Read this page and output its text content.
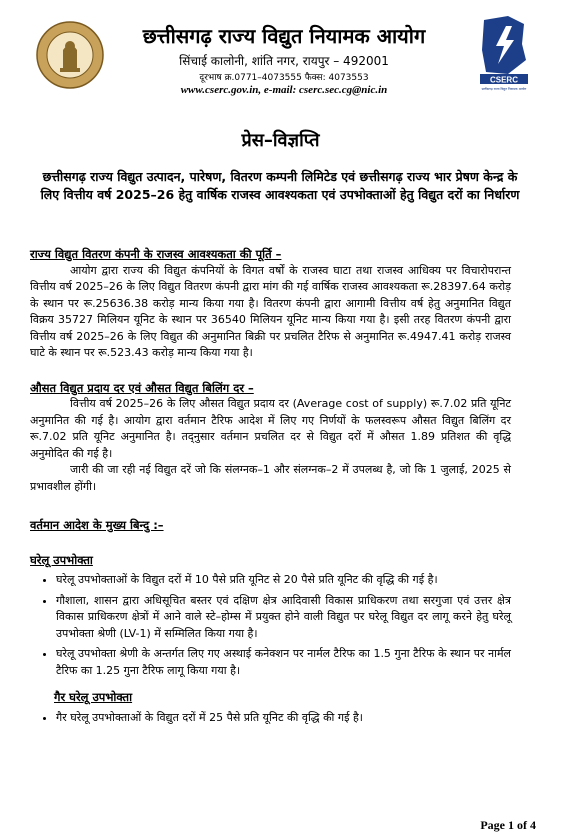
छत्तीसगढ़ राज्य विद्युत नियामक आयोग
सिंचाई कालोनी, शांति नगर, रायपुर – 492001
दूरभाष क्र.0771–4073555 फैक्स: 4073553
www.cserc.gov.in, e-mail: cserc.sec.cg@nic.in
CSERC
छत्तीसगढ़ राज्य विद्युत नियामक आयोग
प्रेस–विज्ञप्ति
छत्तीसगढ़ राज्य विद्युत उत्पादन, पारेषण, वितरण कम्पनी लिमिटेड एवं छत्तीसगढ़ राज्य भार प्रेषण केन्द्र के लिए वित्तीय वर्ष 2025–26 हेतु वार्षिक राजस्व आवश्यकता एवं उपभोक्ताओं हेतु विद्युत दरों का निर्धारण

राज्य विद्युत वितरण कंपनी के राजस्व आवश्यकता की पूर्ति –

आयोग द्वारा राज्य की विद्युत कंपनियों के विगत वर्षों के राजस्व घाटा तथा राजस्व आधिक्य पर विचारोपरान्त वित्तीय वर्ष 2025–26 के लिए विद्युत वितरण कंपनी द्वारा मांग की गई वार्षिक राजस्व आवश्यकता रू.28397.64 करोड़ के स्थान पर रू.25636.38 करोड़ मान्य किया गया है। वितरण कंपनी द्वारा आगामी वित्तीय वर्ष हेतु अनुमानित विद्युत विक्रय 35727 मिलियन यूनिट के स्थान पर 36540 मिलियन यूनिट मान्य किया गया है। इसी तरह वितरण कंपनी द्वारा वित्तीय वर्ष 2025–26 के लिए विद्युत की अनुमानित बिक्री पर प्रचलित टैरिफ से अनुमानित रू.4947.41 करोड़ राजस्व घाटे के स्थान पर रू.523.43 करोड़ मान्य किया गया है।

औसत विद्युत प्रदाय दर एवं औसत विद्युत बिलिंग दर –

वित्तीय वर्ष 2025–26 के लिए औसत विद्युत प्रदाय दर (Average cost of supply) रू.7.02 प्रति यूनिट अनुमानित की गई है। आयोग द्वारा वर्तमान टैरिफ आदेश में लिए गए निर्णयों के फलस्वरूप औसत विद्युत बिलिंग दर रू.7.02 प्रति यूनिट अनुमानित है। तद्नुसार वर्तमान प्रचलित दर से विद्युत दरों में औसत 1.89 प्रतिशत की वृद्धि अनुमोदित की गई है।

जारी की जा रही नई विद्युत दरें जो कि संलग्नक–1 और संलग्नक–2 में उपलब्ध है, जो कि 1 जुलाई, 2025 से प्रभावशील होंगी।

वर्तमान आदेश के मुख्य बिन्दु :–

घरेलू उपभोक्ता

• घरेलू उपभोक्ताओं के विद्युत दरों में 10 पैसे प्रति यूनिट से 20 पैसे प्रति यूनिट की वृद्धि की गई है।
• गौशाला, शासन द्वारा अधिसूचित बस्तर एवं दक्षिण क्षेत्र आदिवासी विकास प्राधिकरण तथा सरगुजा एवं उत्तर क्षेत्र विकास प्राधिकरण क्षेत्रों में आने वाले स्टे–होम्स में प्रयुक्त होने वाली विद्युत पर घरेलू विद्युत दर लागू करने हेतु घरेलू उपभोक्ता श्रेणी (LV-1) में सम्मिलित किया गया है।
• घरेलू उपभोक्ता श्रेणी के अन्तर्गत लिए गए अस्थाई कनेक्शन पर नार्मल टैरिफ का 1.5 गुना टैरिफ के स्थान पर नार्मल टैरिफ का 1.25 गुना टैरिफ लागू किया गया है।

गैर घरेलू उपभोक्ता

• गैर घरेलू उपभोक्ताओं के विद्युत दरों में 25 पैसे प्रति यूनिट की वृद्धि की गई है।
Page 1 of 4
